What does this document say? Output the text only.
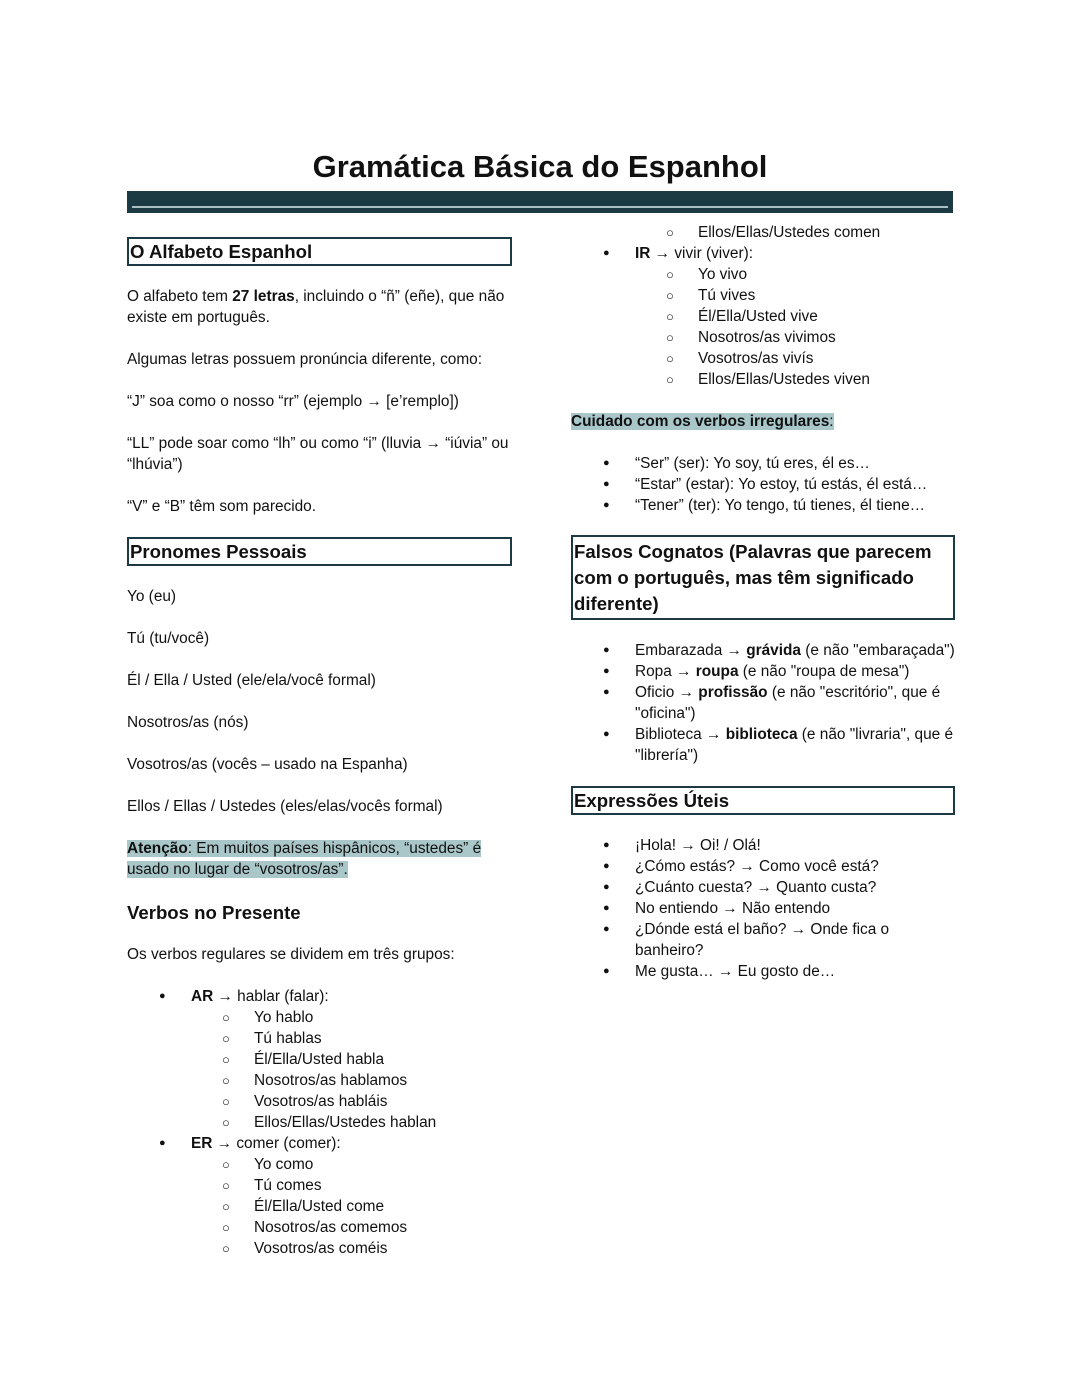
Gramática Básica do Espanhol
O Alfabeto Espanhol

O alfabeto tem 27 letras, incluindo o “ñ” (eñe), que não existe em português.

Algumas letras possuem pronúncia diferente, como:

“J” soa como o nosso “rr” (ejemplo → [e’remplo])

“LL” pode soar como “lh” ou como “i” (lluvia → “iúvia” ou “lhúvia”)

“V” e “B” têm som parecido.

Pronomes Pessoais

Yo (eu)

Tú (tu/você)

Él / Ella / Usted (ele/ela/você formal)

Nosotros/as (nós)

Vosotros/as (vocês – usado na Espanha)

Ellos / Ellas / Ustedes (eles/elas/vocês formal)

Atenção: Em muitos países hispânicos, “ustedes” é usado no lugar de “vosotros/as”.

Verbos no Presente

Os verbos regulares se dividem em três grupos:

● AR → hablar (falar):
○ Yo hablo
○ Tú hablas
○ Él/Ella/Usted habla
○ Nosotros/as hablamos
○ Vosotros/as habláis
○ Ellos/Ellas/Ustedes hablan
● ER → comer (comer):
○ Yo como
○ Tú comes
○ Él/Ella/Usted come
○ Nosotros/as comemos
○ Vosotros/as coméis
○ Ellos/Ellas/Ustedes comen
● IR → vivir (viver):
○ Yo vivo
○ Tú vives
○ Él/Ella/Usted vive
○ Nosotros/as vivimos
○ Vosotros/as vivís
○ Ellos/Ellas/Ustedes viven

Cuidado com os verbos irregulares:

● “Ser” (ser): Yo soy, tú eres, él es…
● “Estar” (estar): Yo estoy, tú estás, él está…
● “Tener” (ter): Yo tengo, tú tienes, él tiene…
Falsos Cognatos (Palavras que parecem com o português, mas têm significado diferente)
● Embarazada → grávida (e não "embaraçada")
● Ropa → roupa (e não "roupa de mesa")
● Oficio → profissão (e não "escritório", que é "oficina")
● Biblioteca → biblioteca (e não "livraria", que é "librería")
Expressões Úteis
● ¡Hola! → Oi! / Olá!
● ¿Cómo estás? → Como você está?
● ¿Cuánto cuesta? → Quanto custa?
● No entiendo → Não entendo
● ¿Dónde está el baño? → Onde fica o banheiro?
● Me gusta… → Eu gosto de…
